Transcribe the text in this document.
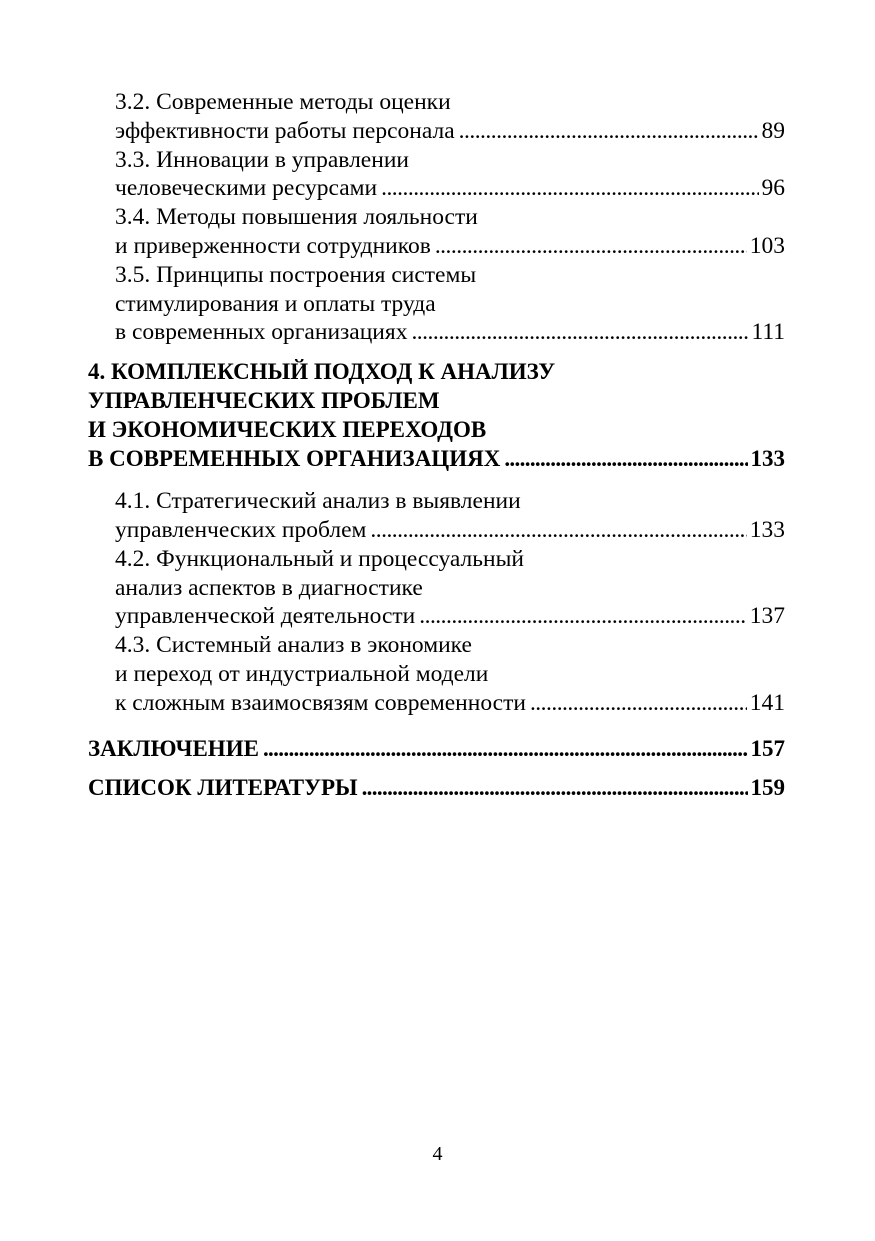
3.2. Современные методы оценки
эффективности работы персонала . . .	89
3.3. Инновации в управлении
человеческими ресурсами . . .	96
3.4. Методы повышения лояльности
и приверженности сотрудников . . .	103
3.5. Принципы построения системы
стимулирования и оплаты труда
в современных организациях . . .	111
4. КОМПЛЕКСНЫЙ ПОДХОД К АНАЛИЗУ
УПРАВЛЕНЧЕСКИХ ПРОБЛЕМ
И ЭКОНОМИЧЕСКИХ ПЕРЕХОДОВ
В СОВРЕМЕННЫХ ОРГАНИЗАЦИЯХ . . .	133
4.1. Стратегический анализ в выявлении
управленческих проблем . . .	133
4.2. Функциональный и процессуальный
анализ аспектов в диагностике
управленческой деятельности . . .	137
4.3. Системный анализ в экономике
и переход от индустриальной модели
к сложным взаимосвязям современности . . .	141
ЗАКЛЮЧЕНИЕ . . .	157
СПИСОК ЛИТЕРАТУРЫ . . .	159
4
